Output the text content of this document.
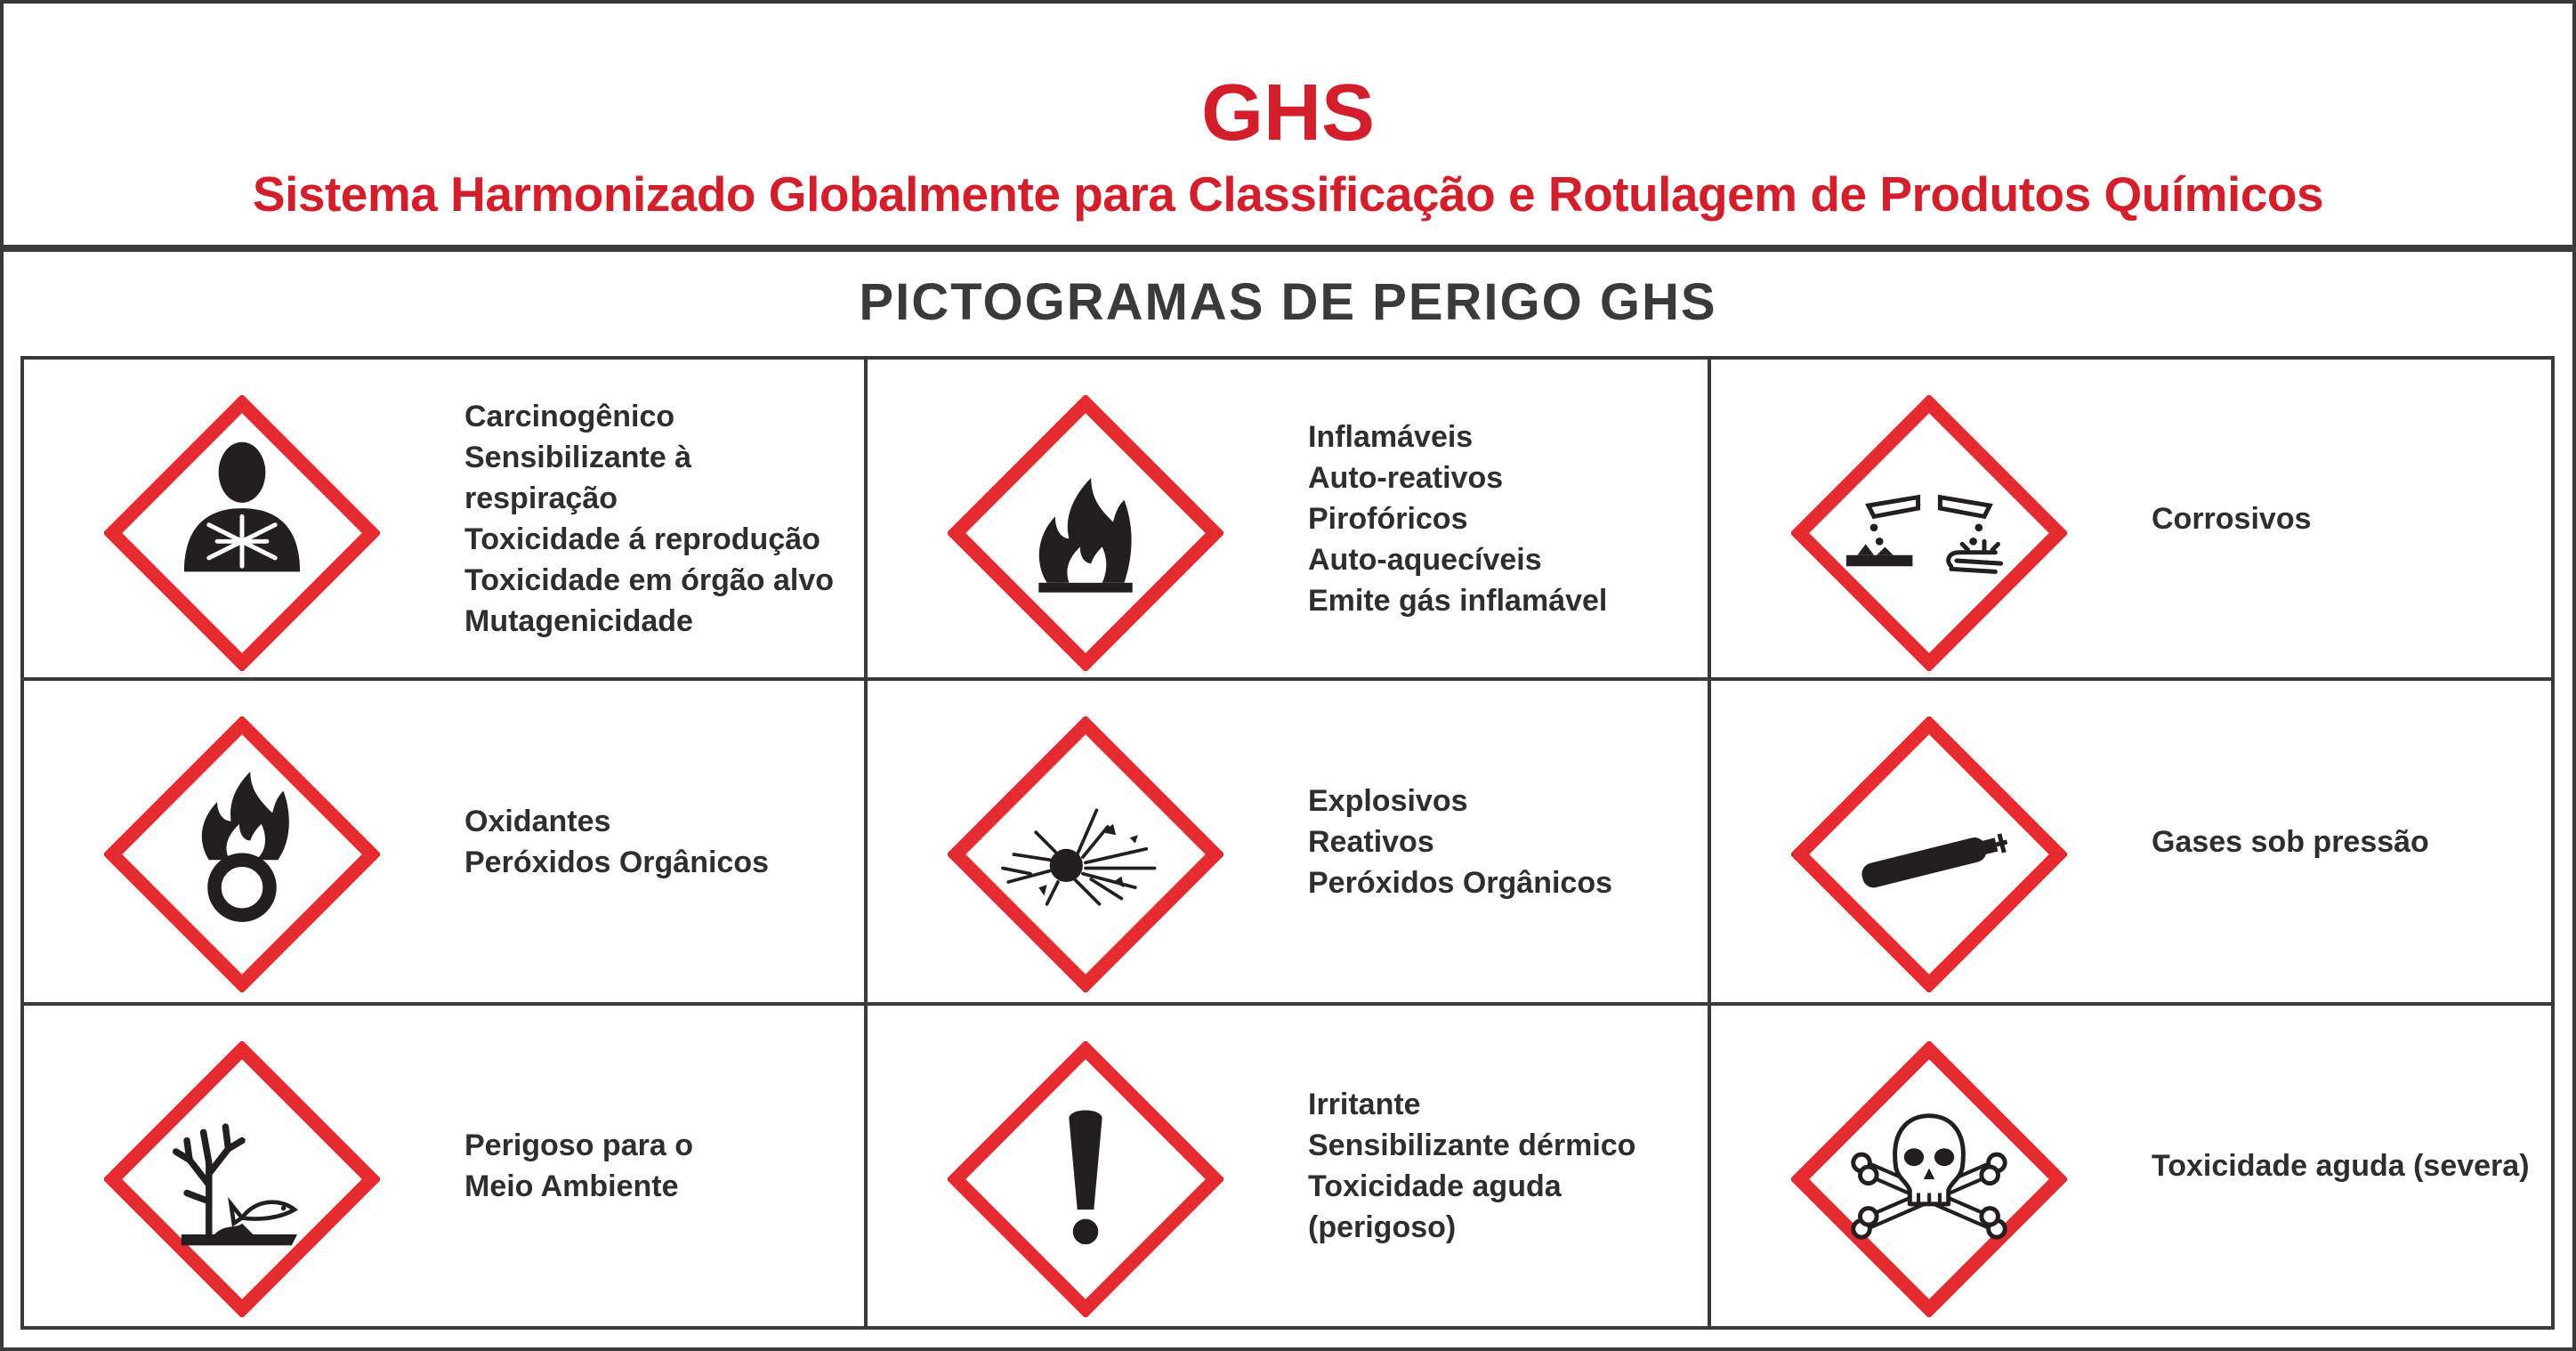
GHS
Sistema Harmonizado Globalmente para Classificação e Rotulagem de Produtos Químicos
PICTOGRAMAS DE PERIGO GHS
Carcinogênico
Sensibilizante à respiração
Toxicidade á reprodução
Toxicidade em órgão alvo
Mutagenicidade
Inflamáveis
Auto-reativos
Pirofóricos
Auto-aquecíveis
Emite gás inflamável
Corrosivos
Oxidantes
Peróxidos Orgânicos
Explosivos
Reativos
Peróxidos Orgânicos
Gases sob pressão
Perigoso para o
Meio Ambiente
Irritante
Sensibilizante dérmico
Toxicidade aguda (perigoso)
Toxicidade aguda (severa)
